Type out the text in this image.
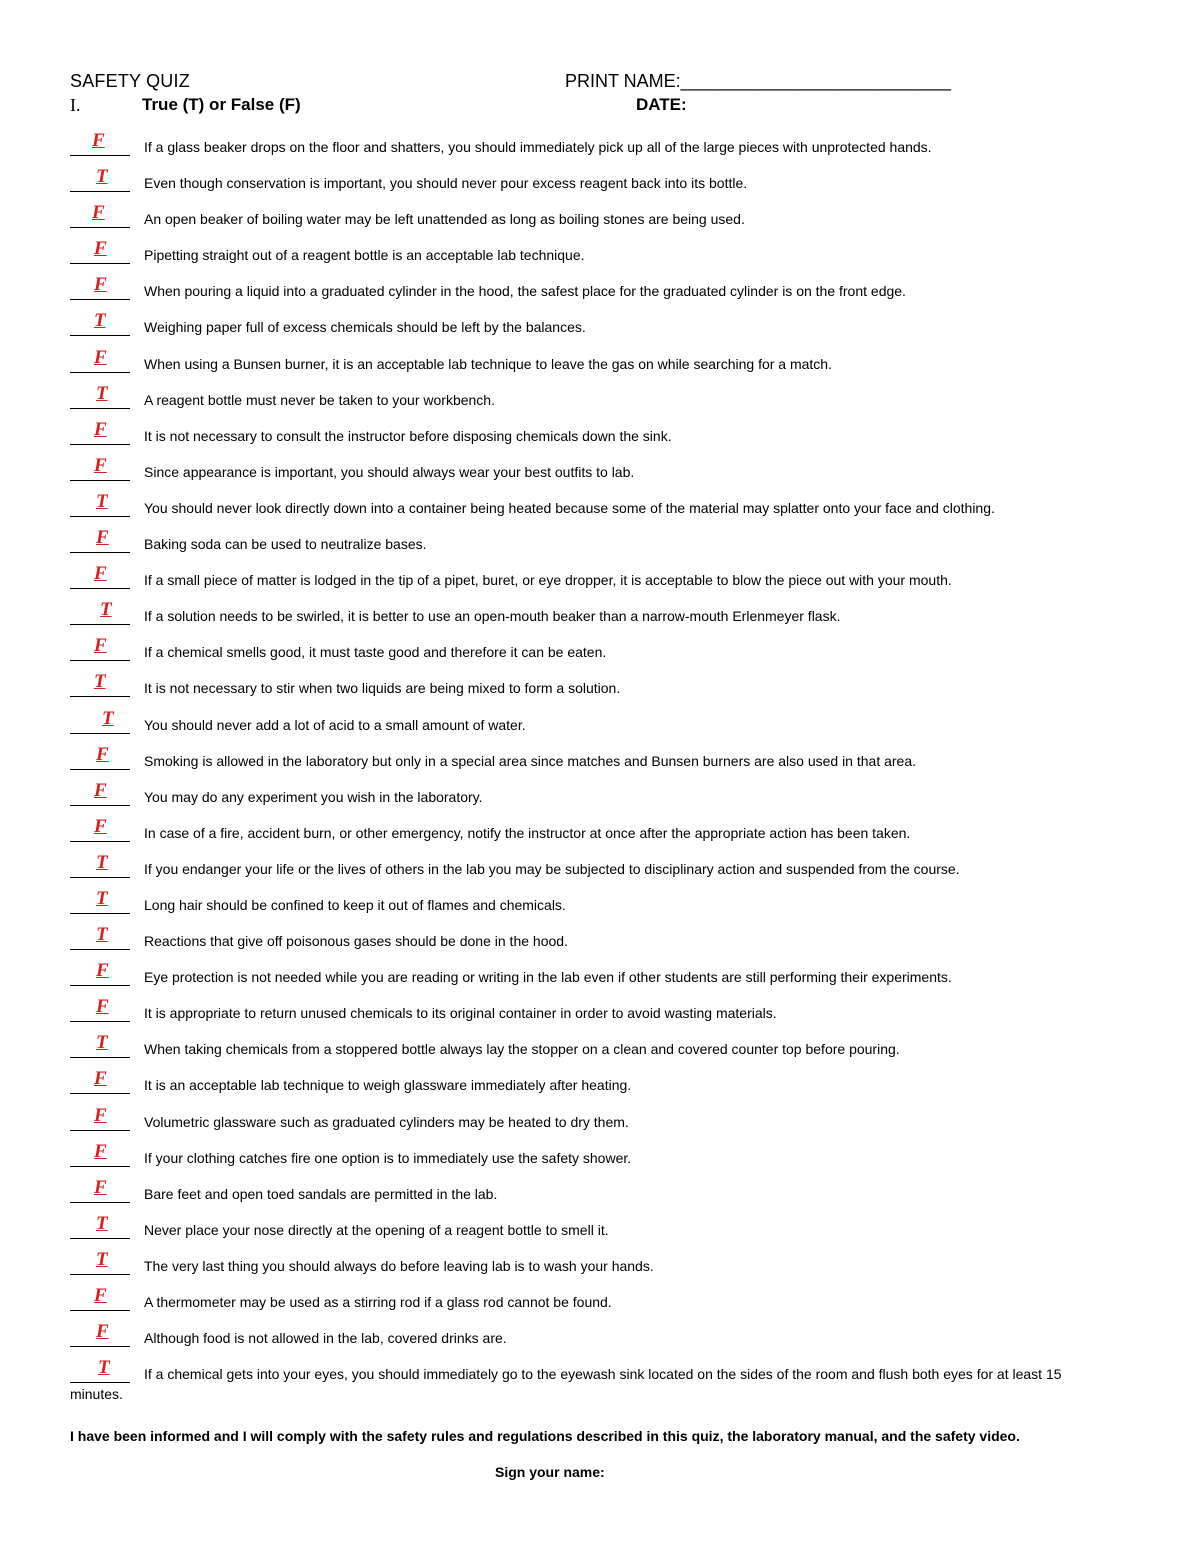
SAFETY QUIZ	PRINT NAME:___________________________
I.	True (T) or False (F)	DATE:
F	If a glass beaker drops on the floor and shatters, you should immediately pick up all of the large pieces with unprotected hands.
T	Even though conservation is important, you should never pour excess reagent back into its bottle.
F	An open beaker of boiling water may be left unattended as long as boiling stones are being used.
F	Pipetting straight out of a reagent bottle is an acceptable lab technique.
F	When pouring a liquid into a graduated cylinder in the hood, the safest place for the graduated cylinder is on the front edge.
T	Weighing paper full of excess chemicals should be left by the balances.
F	When using a Bunsen burner, it is an acceptable lab technique to leave the gas on while searching for a match.
T	A reagent bottle must never be taken to your workbench.
F	It is not necessary to consult the instructor before disposing chemicals down the sink.
F	Since appearance is important, you should always wear your best outfits to lab.
T	You should never look directly down into a container being heated because some of the material may splatter onto your face and clothing.
F	Baking soda can be used to neutralize bases.
F	If a small piece of matter is lodged in the tip of a pipet, buret, or eye dropper, it is acceptable to blow the piece out with your mouth.
T If a solution needs to be swirled, it is better to use an open-mouth beaker than a narrow-mouth Erlenmeyer flask.
F	If a chemical smells good, it must taste good and therefore it can be eaten.
T	It is not necessary to stir when two liquids are being mixed to form a solution.
T You should never add a lot of acid to a small amount of water.
F	Smoking is allowed in the laboratory but only in a special area since matches and Bunsen burners are also used in that area.
F	You may do any experiment you wish in the laboratory.
F	In case of a fire, accident burn, or other emergency, notify the instructor at once after the appropriate action has been taken.
T	If you endanger your life or the lives of others in the lab you may be subjected to disciplinary action and suspended from the course.
T	Long hair should be confined to keep it out of flames and chemicals.
T	Reactions that give off poisonous gases should be done in the hood.
F	Eye protection is not needed while you are reading or writing in the lab even if other students are still performing their experiments.
F	It is appropriate to return unused chemicals to its original container in order to avoid wasting materials.
T	When taking chemicals from a stoppered bottle always lay the stopper on a clean and covered counter top before pouring.
F	It is an acceptable lab technique to weigh glassware immediately after heating.
F	Volumetric glassware such as graduated cylinders may be heated to dry them.
F	If your clothing catches fire one option is to immediately use the safety shower.
F	Bare feet and open toed sandals are permitted in the lab.
T	Never place your nose directly at the opening of a reagent bottle to smell it.
T	The very last thing you should always do before leaving lab is to wash your hands.
F	A thermometer may be used as a stirring rod if a glass rod cannot be found.
F	Although food is not allowed in the lab, covered drinks are.
T	If a chemical gets into your eyes, you should immediately go to the eyewash sink located on the sides of the room and flush both eyes for at least 15 minutes.
I have been informed and I will comply with the safety rules and regulations described in this quiz, the laboratory manual, and the safety video.
Sign your name:
